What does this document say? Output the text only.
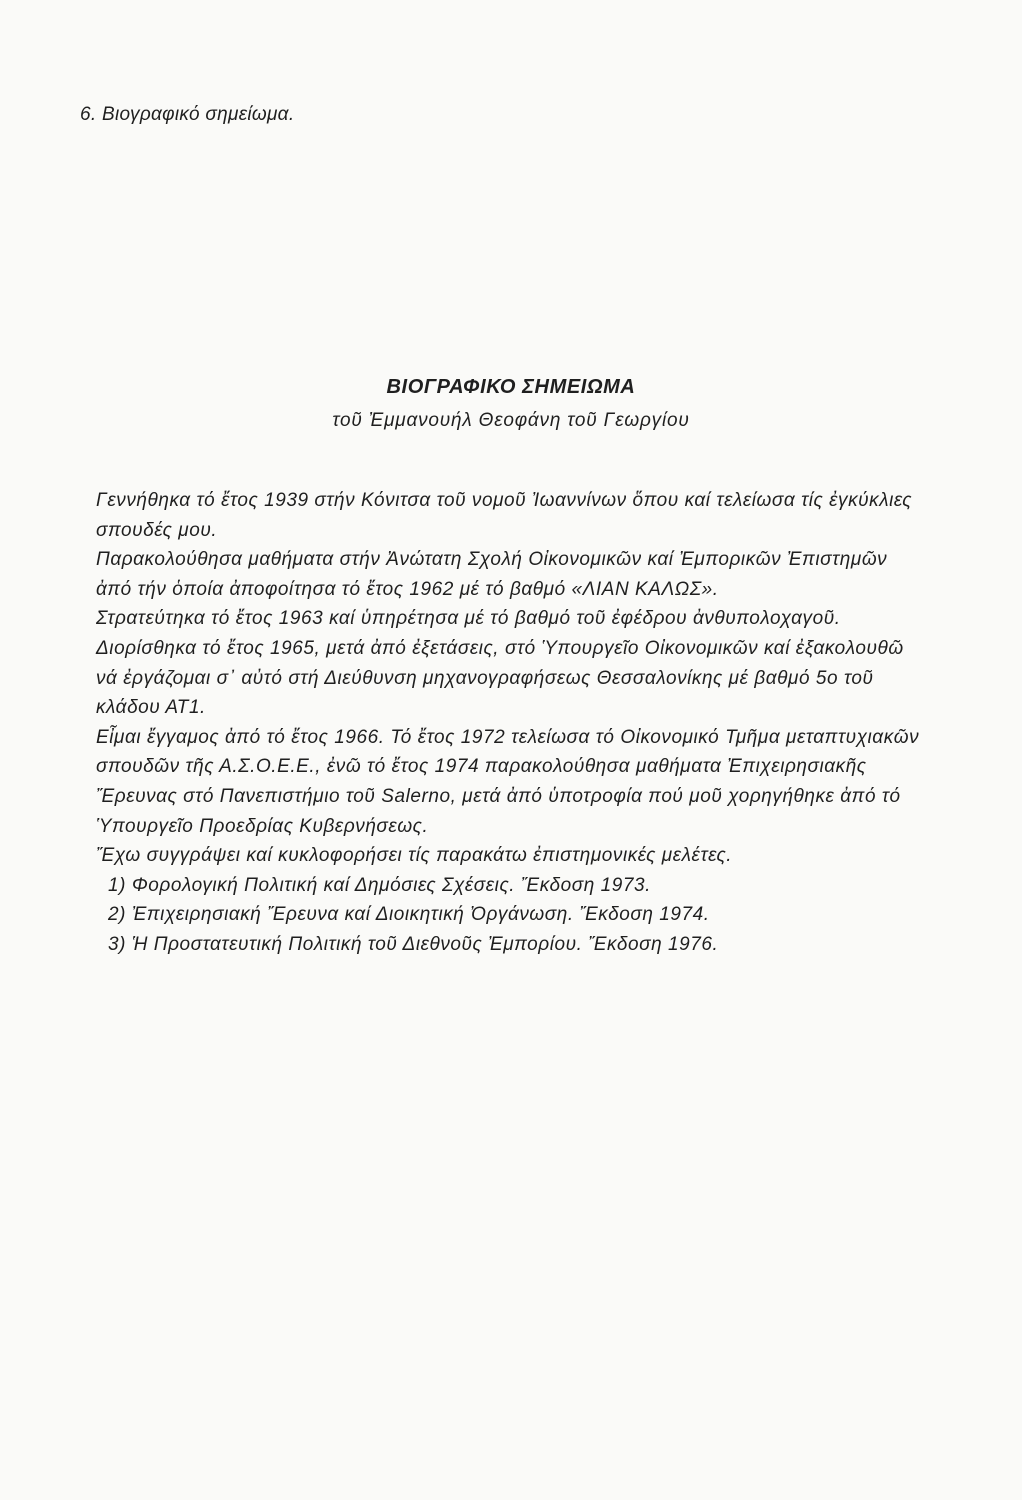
6. Βιογραφικό σημείωμα.
ΒΙΟΓΡΑΦΙΚΟ ΣΗΜΕΙΩΜΑ
τοῦ Ἐμμανουήλ Θεοφάνη τοῦ Γεωργίου

Γεννήθηκα τό ἔτος 1939 στήν Κόνιτσα τοῦ νομοῦ Ἰωαννίνων ὅπου καί τελείωσα τίς ἐγκύκλιες σπουδές μου.

Παρακολούθησα μαθήματα στήν Ἀνώτατη Σχολή Οἰκονομικῶν καί Ἐμπορικῶν Ἐπιστημῶν ἀπό τήν ὁποία ἀποφοίτησα τό ἔτος 1962 μέ τό βαθμό «ΛΙΑΝ ΚΑΛΩΣ».

Στρατεύτηκα τό ἔτος 1963 καί ὑπηρέτησα μέ τό βαθμό τοῦ ἐφέδρου ἀνθυπολοχαγοῦ.

Διορίσθηκα τό ἔτος 1965, μετά ἀπό ἐξετάσεις, στό Ὑπουργεῖο Οἰκονομικῶν καί ἐξακολουθῶ νά ἐργάζομαι σ᾽ αὐτό στή Διεύθυνση μηχανογραφήσεως Θεσσαλονίκης μέ βαθμό 5ο τοῦ κλάδου ΑΤ1.

Εἶμαι ἔγγαμος ἀπό τό ἔτος 1966. Τό ἔτος 1972 τελείωσα τό Οἰκονομικό Τμῆμα μεταπτυχιακῶν σπουδῶν τῆς Α.Σ.Ο.Ε.Ε., ἐνῶ τό ἔτος 1974 παρακολούθησα μαθήματα Ἐπιχειρησιακῆς Ἔρευνας στό Πανεπιστήμιο τοῦ Salerno, μετά ἀπό ὑποτροφία πού μοῦ χορηγήθηκε ἀπό τό Ὑπουργεῖο Προεδρίας Κυβερνήσεως.

Ἔχω συγγράψει καί κυκλοφορήσει τίς παρακάτω ἐπιστημονικές μελέτες.

1) Φορολογική Πολιτική καί Δημόσιες Σχέσεις. Ἔκδοση 1973.
2) Ἐπιχειρησιακή Ἔρευνα καί Διοικητική Ὀργάνωση. Ἔκδοση 1974.
3) Ἡ Προστατευτική Πολιτική τοῦ Διεθνοῦς Ἐμπορίου. Ἔκδοση 1976.
